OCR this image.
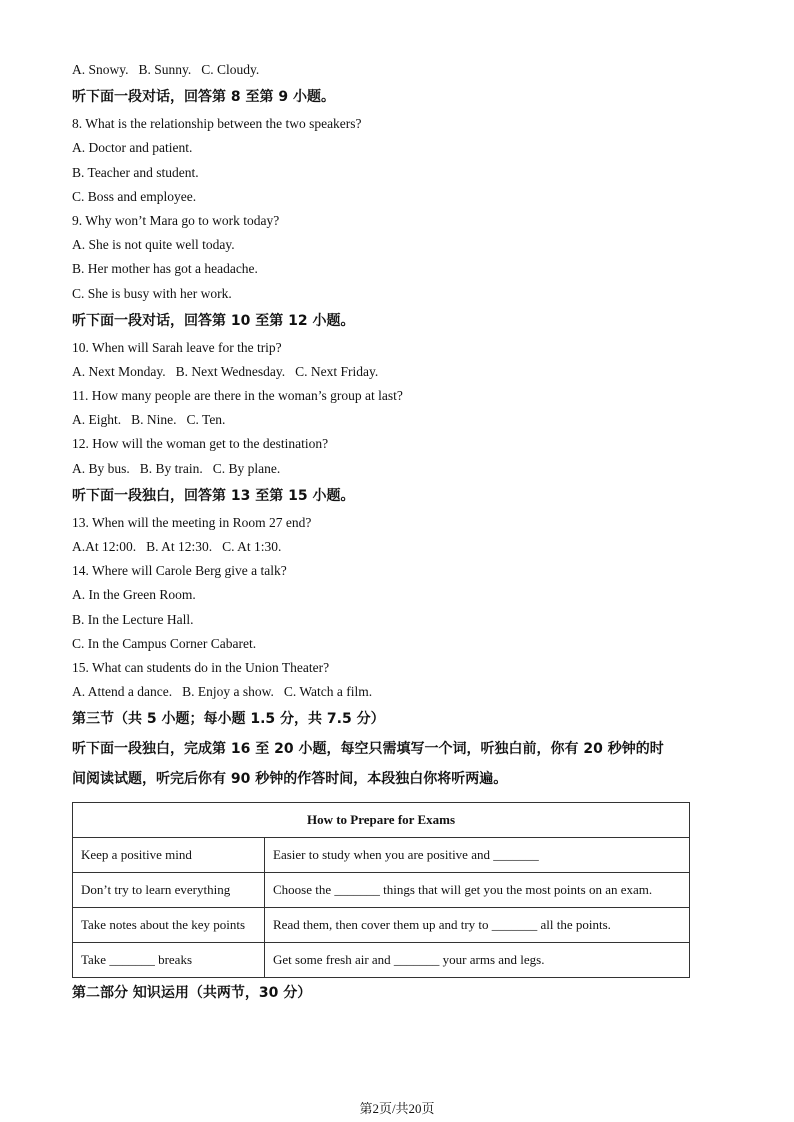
A. Snowy. B. Sunny. C. Cloudy.
听下面一段对话，回答第 8 至第 9 小题。
8. What is the relationship between the two speakers?
A. Doctor and patient.
B. Teacher and student.
C. Boss and employee.
9. Why won’t Mara go to work today?
A. She is not quite well today.
B. Her mother has got a headache.
C. She is busy with her work.
听下面一段对话，回答第 10 至第 12 小题。
10. When will Sarah leave for the trip?
A. Next Monday. B. Next Wednesday. C. Next Friday.
11. How many people are there in the woman’s group at last?
A. Eight. B. Nine. C. Ten.
12. How will the woman get to the destination?
A. By bus. B. By train. C. By plane.
听下面一段独白，回答第 13 至第 15 小题。
13. When will the meeting in Room 27 end?
A.At 12:00. B. At 12:30. C. At 1:30.
14. Where will Carole Berg give a talk?
A. In the Green Room.
B. In the Lecture Hall.
C. In the Campus Corner Cabaret.
15. What can students do in the Union Theater?
A. Attend a dance. B. Enjoy a show. C. Watch a film.
第三节（共 5 小题；每小题 1.5 分，共 7.5 分）
听下面一段独白，完成第 16 至 20 小题，每空只需填写一个词，听独白前，你有 20 秒钟的时
间阅读试题，听完后你有 90 秒钟的作答时间，本段独白你将听两遍。
How to Prepare for Exams	
Keep a positive mind	Easier to study when you are positive and _______
Don’t try to learn everything	Choose the _______ things that will get you the most points on an exam.
Take notes about the key points	Read them, then cover them up and try to _______ all the points.
Take _______ breaks	Get some fresh air and _______ your arms and legs.
第二部分 知识运用（共两节，30 分）
第2页/共20页
